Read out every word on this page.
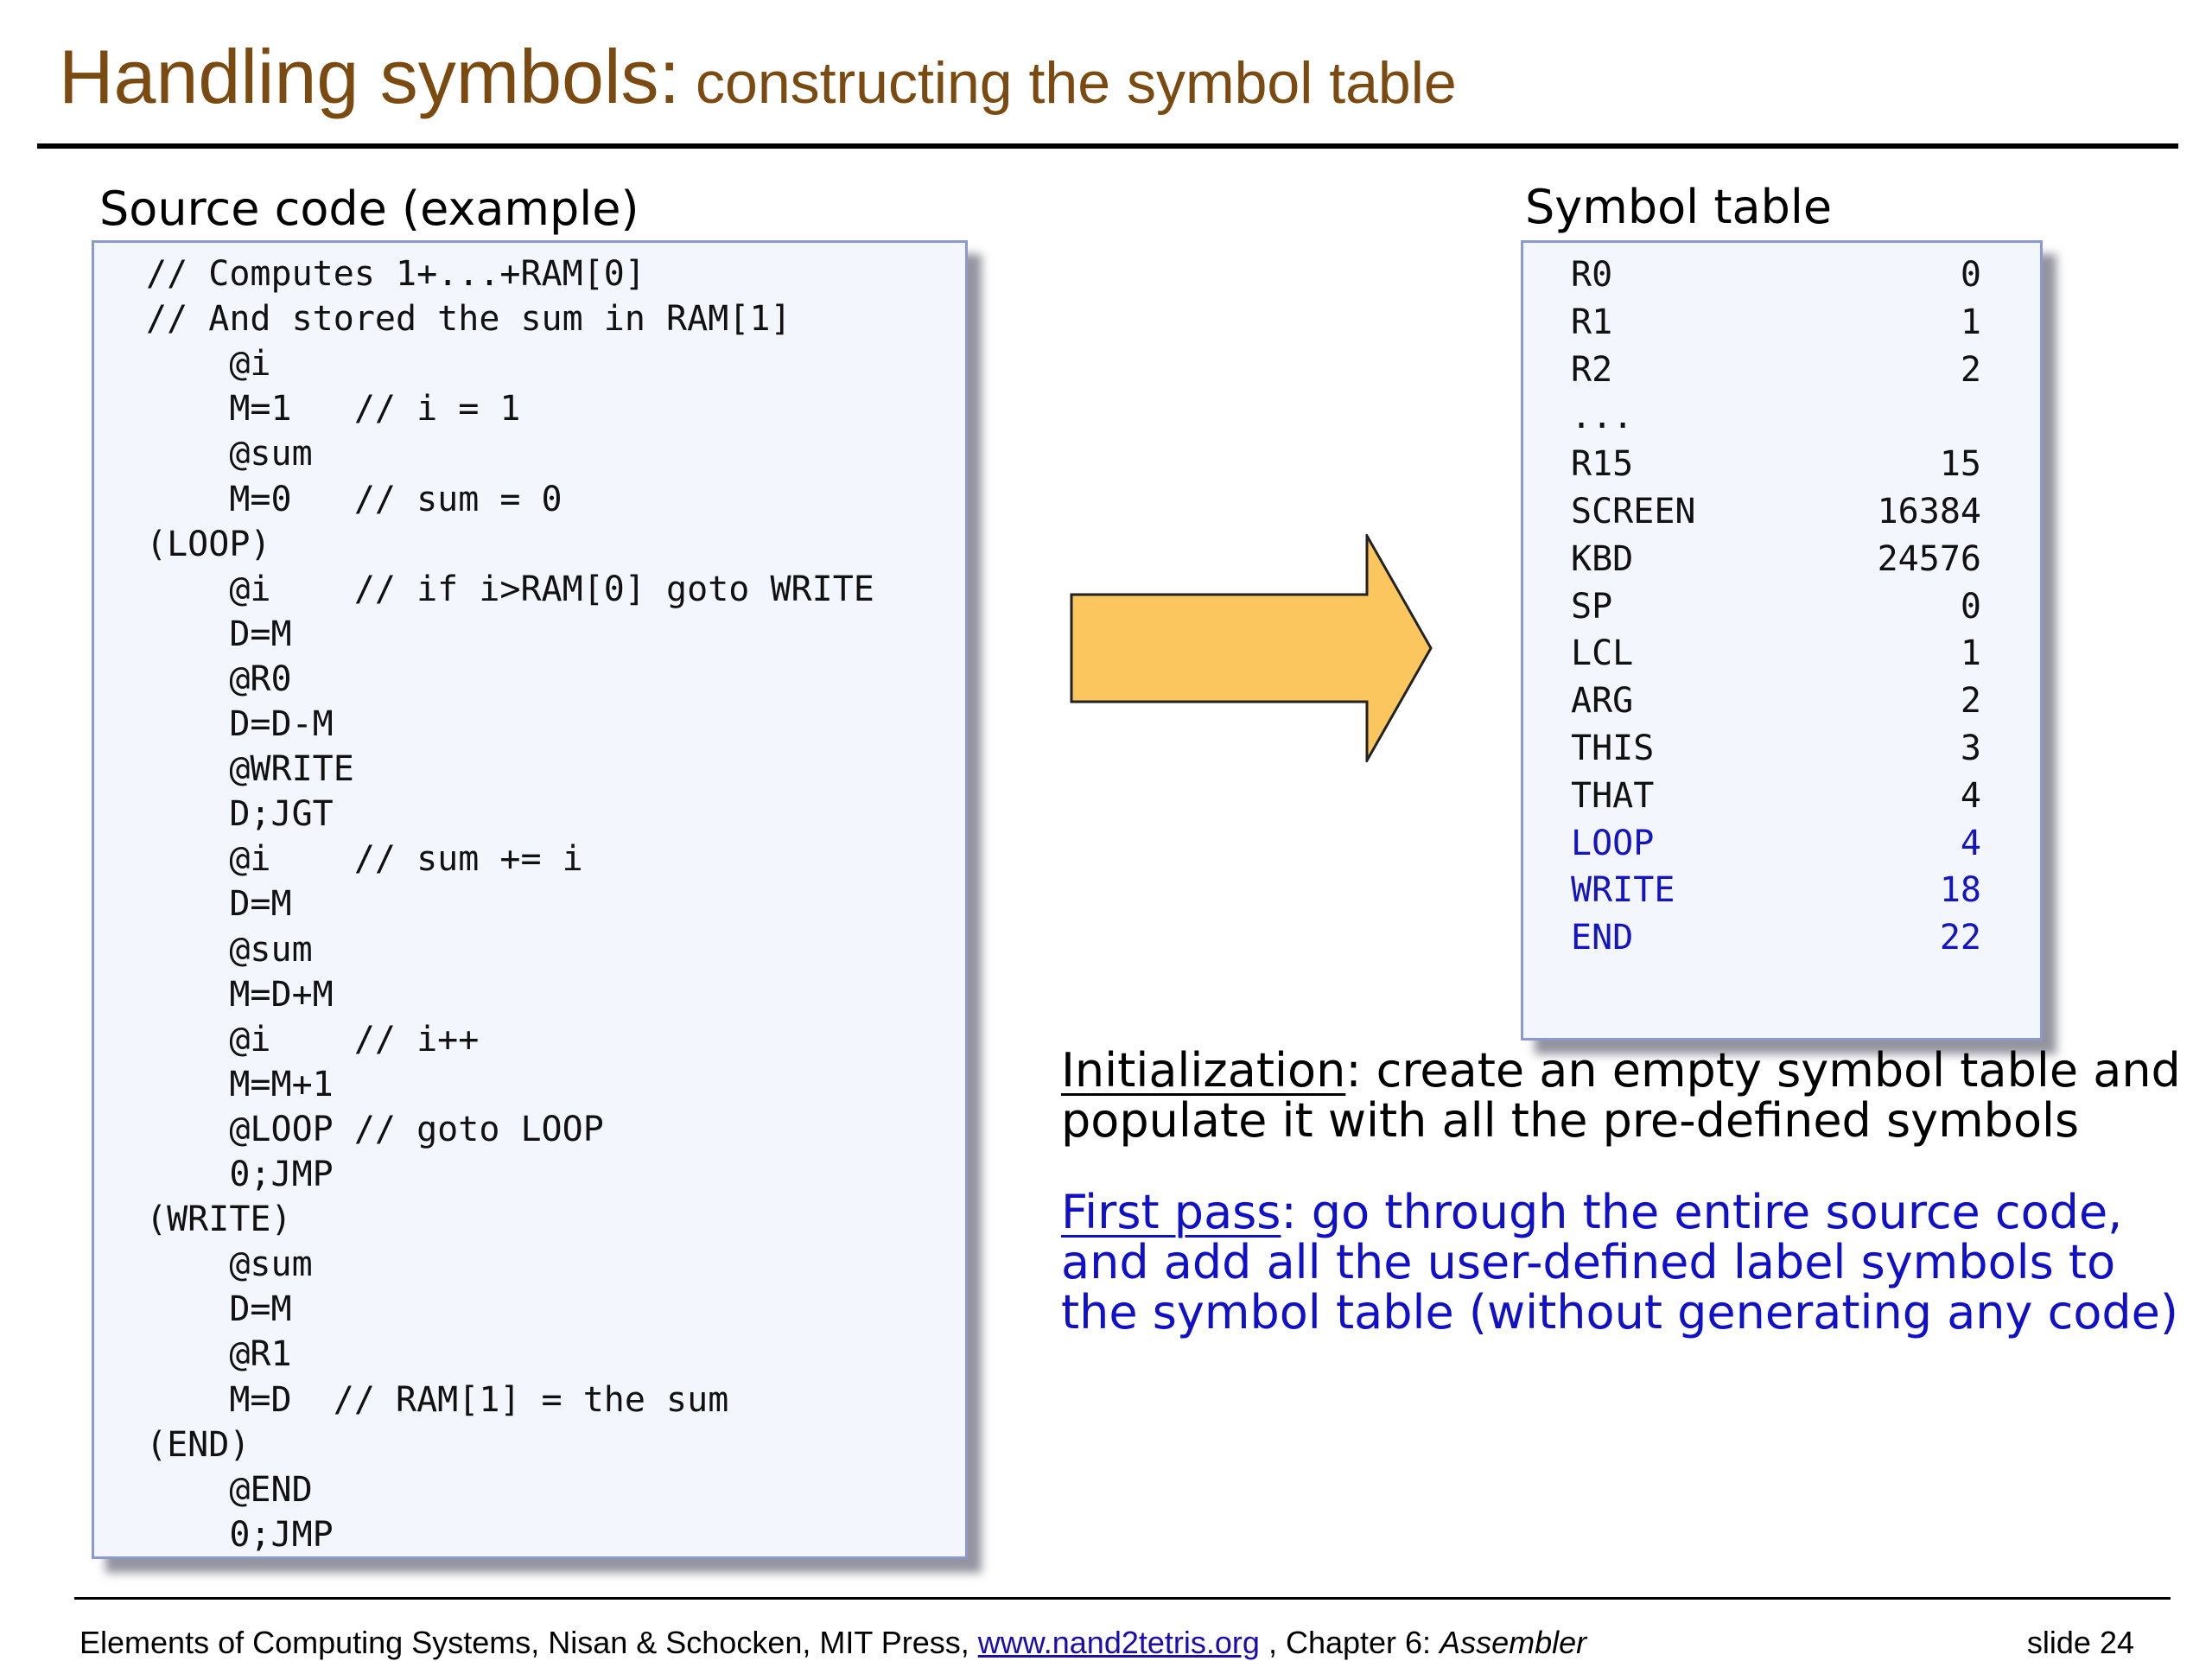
Handling symbols: constructing the symbol table
Source code (example)	Symbol table
// Computes 1+...+RAM[0]
// And stored the sum in RAM[1]
@i
M=1   // i = 1
@sum
M=0   // sum = 0
(LOOP)
@i    // if i>RAM[0] goto WRITE
D=M
@R0
D=D-M
@WRITE
D;JGT
@i    // sum += i
D=M
@sum
M=D+M
@i    // i++
M=M+1
@LOOP // goto LOOP
0;JMP
(WRITE)
@sum
D=M
@R1
M=D  // RAM[1] = the sum
(END)
@END
0;JMP
R0	0
R1	1
R2	2
...
R15	15
SCREEN	16384
KBD	24576
SP	0
LCL	1
ARG	2
THIS	3
THAT	4
LOOP	4
WRITE	18
END	22
Initialization: create an empty symbol table and populate it with all the pre-defined symbols
First pass: go through the entire source code, and add all the user-defined label symbols to the symbol table (without generating any code)
Elements of Computing Systems, Nisan & Schocken, MIT Press, www.nand2tetris.org , Chapter 6: Assembler	slide 24
